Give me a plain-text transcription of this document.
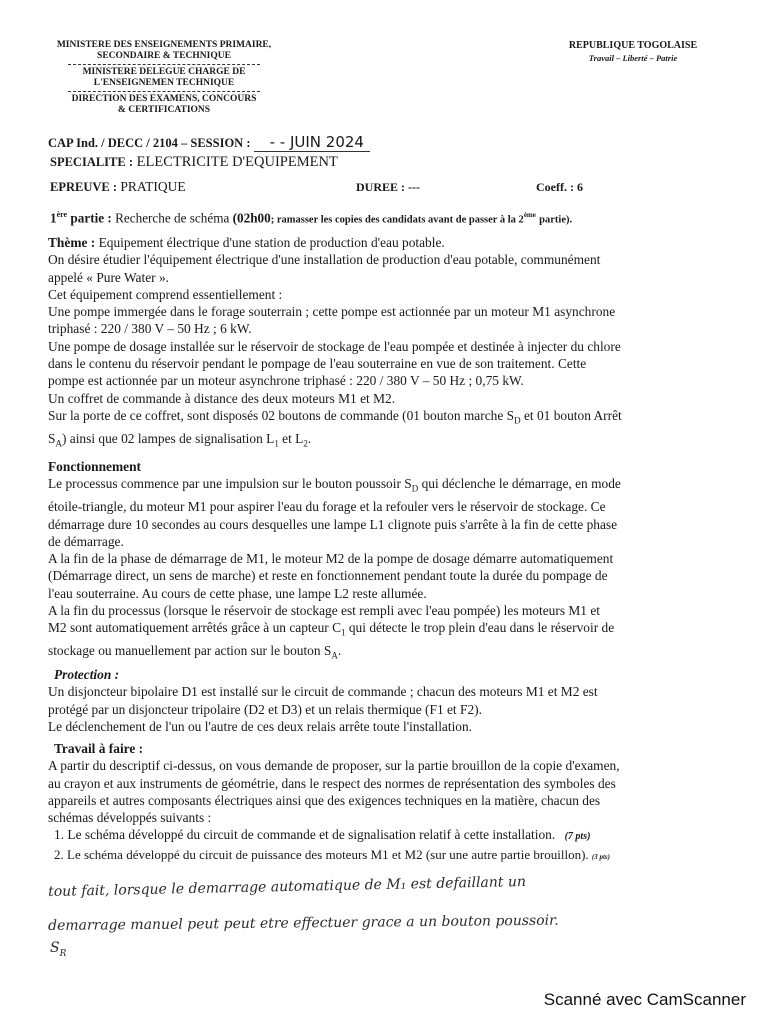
MINISTERE DES ENSEIGNEMENTS PRIMAIRE,
SECONDAIRE & TECHNIQUE
MINISTERE DELEGUE CHARGE DE
L'ENSEIGNEMEN TECHNIQUE
DIRECTION DES EXAMENS, CONCOURS
& CERTIFICATIONS
REPUBLIQUE TOGOLAISE
Travail – Liberté – Patrie
CAP Ind. / DECC / 2104 – SESSION : - - JUIN 2024
SPECIALITE : ELECTRICITE D'EQUIPEMENT
EPREUVE : PRATIQUE	DUREE : ---	Coeff. : 6
1ère partie : Recherche de schéma (02h00; ramasser les copies des candidats avant de passer à la 2ème partie).
Thème : Equipement électrique d'une station de production d'eau potable.
On désire étudier l'équipement électrique d'une installation de production d'eau potable, communément
appelé « Pure Water ».
Cet équipement comprend essentiellement :
Une pompe immergée dans le forage souterrain ; cette pompe est actionnée par un moteur M1 asynchrone
triphasé : 220 / 380 V – 50 Hz ; 6 kW.
Une pompe de dosage installée sur le réservoir de stockage de l'eau pompée et destinée à injecter du chlore
dans le contenu du réservoir pendant le pompage de l'eau souterraine en vue de son traitement. Cette
pompe est actionnée par un moteur asynchrone triphasé : 220 / 380 V – 50 Hz ; 0,75 kW.
Un coffret de commande à distance des deux moteurs M1 et M2.
Sur la porte de ce coffret, sont disposés 02 boutons de commande (01 bouton marche $S_D$ et 01 bouton Arrêt
$S_A$) ainsi que 02 lampes de signalisation $L_1$ et $L_2$.
Fonctionnement
Le processus commence par une impulsion sur le bouton poussoir $S_D$ qui déclenche le démarrage, en mode
étoile-triangle, du moteur M1 pour aspirer l'eau du forage et la refouler vers le réservoir de stockage. Ce
démarrage dure 10 secondes au cours desquelles une lampe L1 clignote puis s'arrête à la fin de cette phase
de démarrage.
A la fin de la phase de démarrage de M1, le moteur M2 de la pompe de dosage démarre automatiquement
(Démarrage direct, un sens de marche) et reste en fonctionnement pendant toute la durée du pompage de
l'eau souterraine. Au cours de cette phase, une lampe L2 reste allumée.
A la fin du processus (lorsque le réservoir de stockage est rempli avec l'eau pompée) les moteurs M1 et
M2 sont automatiquement arrêtés grâce à un capteur $C_1$ qui détecte le trop plein d'eau dans le réservoir de
stockage ou manuellement par action sur le bouton $S_A$.
Protection :
Un disjoncteur bipolaire D1 est installé sur le circuit de commande ; chacun des moteurs M1 et M2 est
protégé par un disjoncteur tripolaire (D2 et D3) et un relais thermique (F1 et F2).
Le déclenchement de l'un ou l'autre de ces deux relais arrête toute l'installation.
Travail à faire :
A partir du descriptif ci-dessus, on vous demande de proposer, sur la partie brouillon de la copie d'examen,
au crayon et aux instruments de géométrie, dans le respect des normes de représentation des symboles des
appareils et autres composants électriques ainsi que des exigences techniques en la matière, chacun des
schémas développés suivants :
1. Le schéma développé du circuit de commande et de signalisation relatif à cette installation. (7 pts)
2. Le schéma développé du circuit de puissance des moteurs M1 et M2 (sur une autre partie brouillon). (3 pts)
tout fait, lorsque le demarrage automatique de M₁ est defaillant un
demarrage manuel peut peut etre effectuer grace a un bouton poussoir.
$S_R$
Scanné avec CamScanner
